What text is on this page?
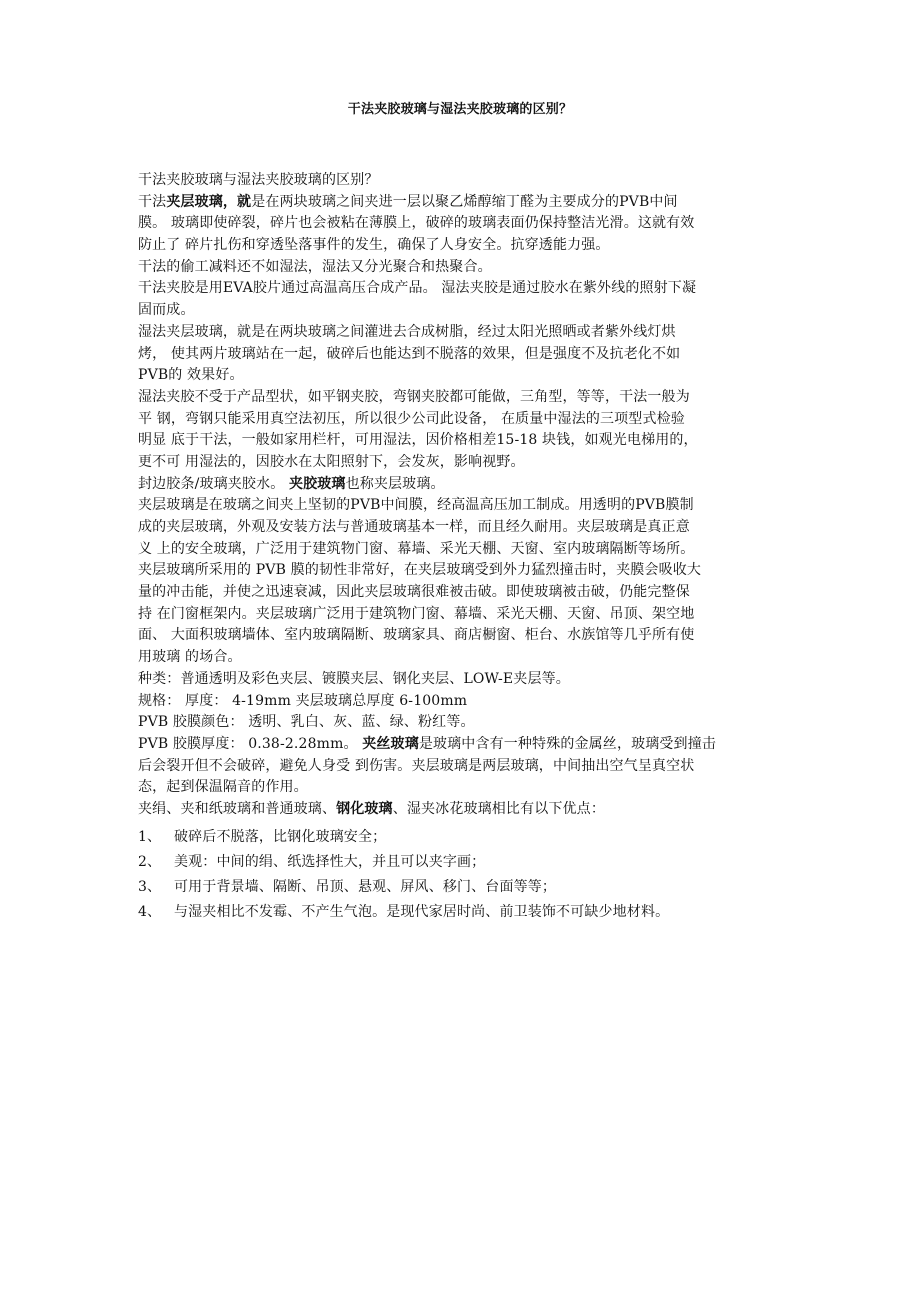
干法夹胶玻璃与湿法夹胶玻璃的区别？
干法夹胶玻璃与湿法夹胶玻璃的区别？
干法夹层玻璃，就是在两块玻璃之间夹进一层以聚乙烯醇缩丁醛为主要成分的PVB中间
膜。 玻璃即使碎裂，碎片也会被粘在薄膜上，破碎的玻璃表面仍保持整洁光滑。这就有效
防止了 碎片扎伤和穿透坠落事件的发生，确保了人身安全。抗穿透能力强。
干法的偷工减料还不如湿法，湿法又分光聚合和热聚合。
干法夹胶是用EVA胶片通过高温高压合成产品。 湿法夹胶是通过胶水在紫外线的照射下凝
固而成。
湿法夹层玻璃，就是在两块玻璃之间灌进去合成树脂，经过太阳光照晒或者紫外线灯烘
烤， 使其两片玻璃站在一起，破碎后也能达到不脱落的效果，但是强度不及抗老化不如
PVB的 效果好。
湿法夹胶不受于产品型状，如平钢夹胶，弯钢夹胶都可能做，三角型，等等，干法一般为
平 钢，弯钢只能采用真空法初压，所以很少公司此设备， 在质量中湿法的三项型式检验
明显 底于干法，一般如家用栏杆，可用湿法，因价格相差15-18 块钱，如观光电梯用的，
更不可 用湿法的，因胶水在太阳照射下，会发灰，影响视野。
封边胶条/玻璃夹胶水。 夹胶玻璃也称夹层玻璃。
夹层玻璃是在玻璃之间夹上坚韧的PVB中间膜，经高温高压加工制成。用透明的PVB膜制
成的夹层玻璃，外观及安装方法与普通玻璃基本一样，而且经久耐用。夹层玻璃是真正意
义 上的安全玻璃，广泛用于建筑物门窗、幕墙、采光天棚、天窗、室内玻璃隔断等场所。
夹层玻璃所采用的 PVB 膜的韧性非常好，在夹层玻璃受到外力猛烈撞击时，夹膜会吸收大
量的冲击能，并使之迅速衰减，因此夹层玻璃很难被击破。即使玻璃被击破，仍能完整保
持 在门窗框架内。夹层玻璃广泛用于建筑物门窗、幕墙、采光天棚、天窗、吊顶、架空地
面、 大面积玻璃墙体、室内玻璃隔断、玻璃家具、商店橱窗、柜台、水族馆等几乎所有使
用玻璃 的场合。
种类：普通透明及彩色夹层、镀膜夹层、钢化夹层、LOW-E夹层等。
规格： 厚度： 4-19mm 夹层玻璃总厚度 6-100mm
PVB 胶膜颜色： 透明、乳白、灰、蓝、绿、粉红等。
PVB 胶膜厚度： 0.38-2.28mm。 夹丝玻璃是玻璃中含有一种特殊的金属丝，玻璃受到撞击
后会裂开但不会破碎，避免人身受 到伤害。夹层玻璃是两层玻璃，中间抽出空气呈真空状
态，起到保温隔音的作用。
夹绢、夹和纸玻璃和普通玻璃、钢化玻璃、湿夹冰花玻璃相比有以下优点：
1、 破碎后不脱落，比钢化玻璃安全；
2、 美观：中间的绢、纸选择性大，并且可以夹字画；
3、 可用于背景墙、隔断、吊顶、悬观、屏风、移门、台面等等；
4、 与湿夹相比不发霉、不产生气泡。是现代家居时尚、前卫装饰不可缺少地材料。
